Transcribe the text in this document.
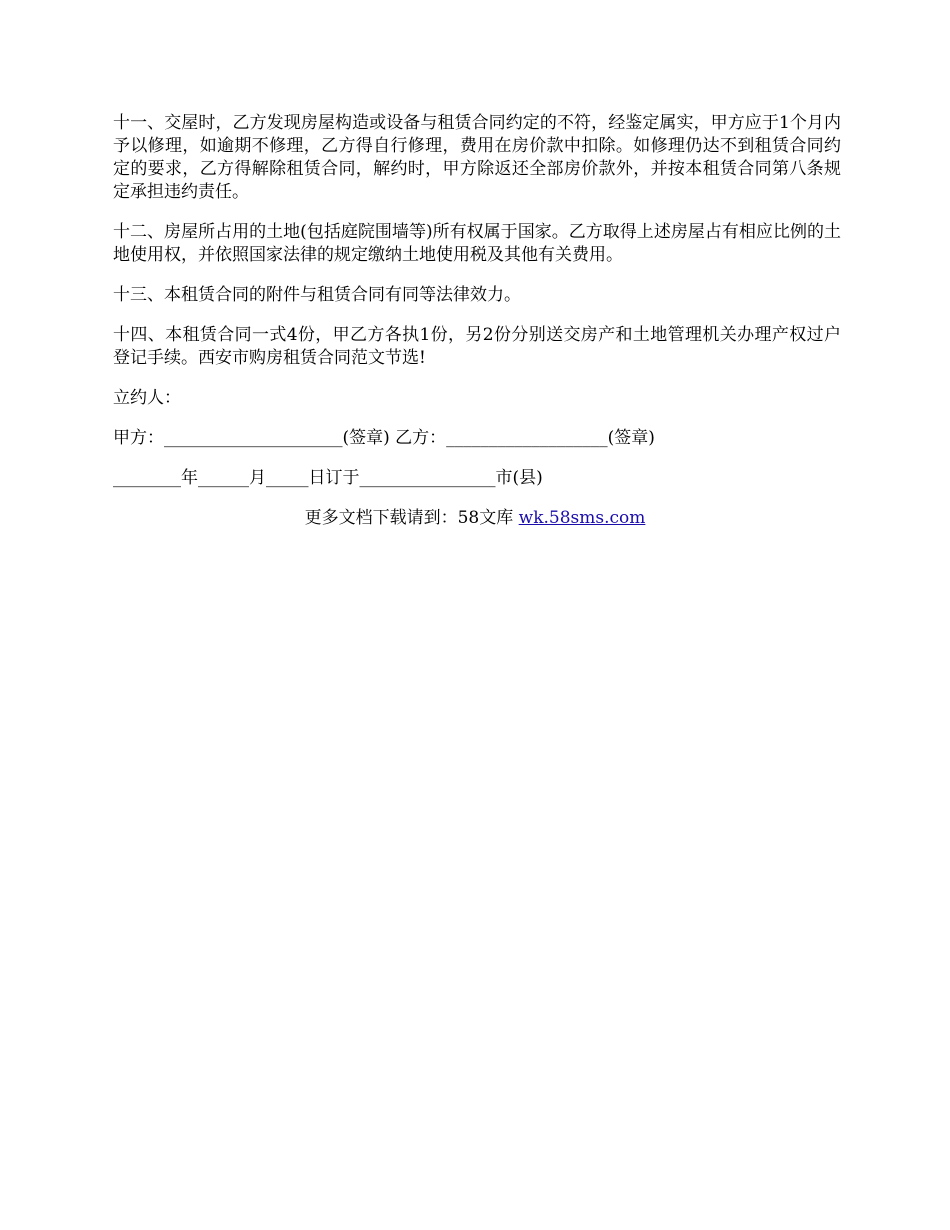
十一、交屋时，乙方发现房屋构造或设备与租赁合同约定的不符，经鉴定属实，甲方应于1个月内予以修理，如逾期不修理，乙方得自行修理，费用在房价款中扣除。如修理仍达不到租赁合同约定的要求，乙方得解除租赁合同，解约时，甲方除返还全部房价款外，并按本租赁合同第八条规定承担违约责任。

十二、房屋所占用的土地(包括庭院围墙等)所有权属于国家。乙方取得上述房屋占有相应比例的土地使用权，并依照国家法律的规定缴纳土地使用税及其他有关费用。

十三、本租赁合同的附件与租赁合同有同等法律效力。

十四、本租赁合同一式4份，甲乙方各执1份，另2份分别送交房产和土地管理机关办理产权过户登记手续。西安市购房租赁合同范文节选!

立约人：

甲方：_____________________(签章) 乙方：___________________(签章)

________年______月_____日订于________________市(县)

更多文档下载请到：58文库 wk.58sms.com
